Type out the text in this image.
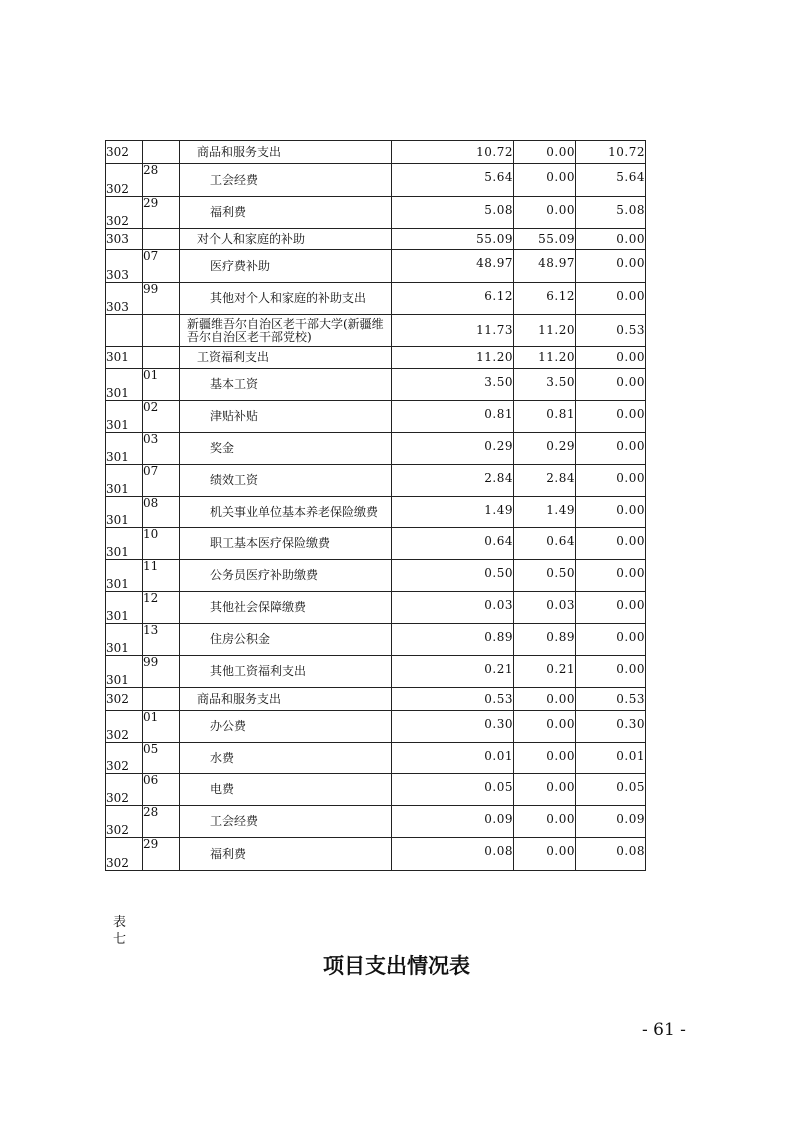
302		商品和服务支出	10.72	0.00	10.72
302	28	工会经费	5.64	0.00	5.64
302	29	福利费	5.08	0.00	5.08
303		对个人和家庭的补助	55.09	55.09	0.00
303	07	医疗费补助	48.97	48.97	0.00
303	99	其他对个人和家庭的补助支出	6.12	6.12	0.00
		新疆维吾尔自治区老干部大学(新疆维吾尔自治区老干部党校)	11.73	11.20	0.53
301		工资福利支出	11.20	11.20	0.00
301	01	基本工资	3.50	3.50	0.00
301	02	津贴补贴	0.81	0.81	0.00
301	03	奖金	0.29	0.29	0.00
301	07	绩效工资	2.84	2.84	0.00
301	08	机关事业单位基本养老保险缴费	1.49	1.49	0.00
301	10	职工基本医疗保险缴费	0.64	0.64	0.00
301	11	公务员医疗补助缴费	0.50	0.50	0.00
301	12	其他社会保障缴费	0.03	0.03	0.00
301	13	住房公积金	0.89	0.89	0.00
301	99	其他工资福利支出	0.21	0.21	0.00
302		商品和服务支出	0.53	0.00	0.53
302	01	办公费	0.30	0.00	0.30
302	05	水费	0.01	0.00	0.01
302	06	电费	0.05	0.00	0.05
302	28	工会经费	0.09	0.00	0.09
302	29	福利费	0.08	0.00	0.08
表七
项目支出情况表
- 61 -
